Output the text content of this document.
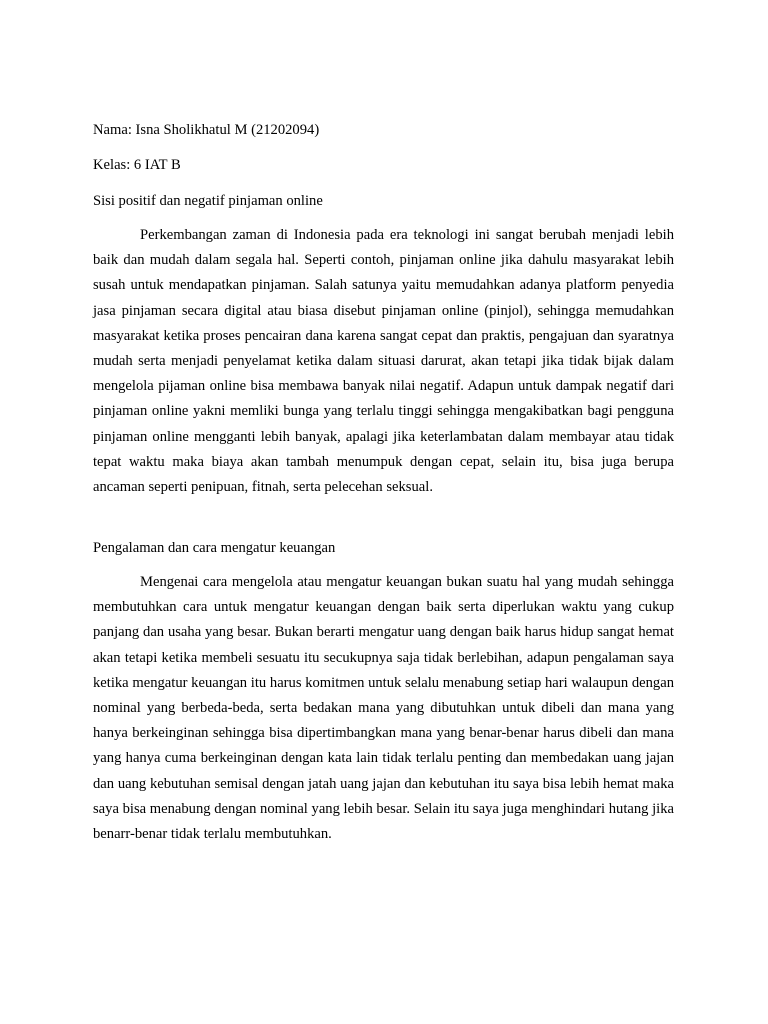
Nama: Isna Sholikhatul M (21202094)

Kelas: 6 IAT B

Sisi positif dan negatif pinjaman online

Perkembangan zaman di Indonesia pada era teknologi ini sangat berubah menjadi lebih baik dan mudah dalam segala hal. Seperti contoh, pinjaman online jika dahulu masyarakat lebih susah untuk mendapatkan pinjaman. Salah satunya yaitu memudahkan adanya platform penyedia jasa pinjaman secara digital atau biasa disebut pinjaman online (pinjol), sehingga memudahkan masyarakat ketika proses pencairan dana karena sangat cepat dan praktis, pengajuan dan syaratnya mudah serta menjadi penyelamat ketika dalam situasi darurat, akan tetapi jika tidak bijak dalam mengelola pijaman online bisa membawa banyak nilai negatif. Adapun untuk dampak negatif dari pinjaman online yakni memliki bunga yang terlalu tinggi sehingga mengakibatkan bagi pengguna pinjaman online mengganti lebih banyak, apalagi jika keterlambatan dalam membayar atau tidak tepat waktu maka biaya akan tambah menumpuk dengan cepat, selain itu, bisa juga berupa ancaman seperti penipuan, fitnah, serta pelecehan seksual.

Pengalaman dan cara mengatur keuangan

Mengenai cara mengelola atau mengatur keuangan bukan suatu hal yang mudah sehingga membutuhkan cara untuk mengatur keuangan dengan baik serta diperlukan waktu yang cukup panjang dan usaha yang besar. Bukan berarti mengatur uang dengan baik harus hidup sangat hemat akan tetapi ketika membeli sesuatu itu secukupnya saja tidak berlebihan, adapun pengalaman saya ketika mengatur keuangan itu harus komitmen untuk selalu menabung setiap hari walaupun dengan nominal yang berbeda-beda, serta bedakan mana yang dibutuhkan untuk dibeli dan mana yang hanya berkeinginan sehingga bisa dipertimbangkan mana yang benar-benar harus dibeli dan mana yang hanya cuma berkeinginan dengan kata lain tidak terlalu penting dan membedakan uang jajan dan uang kebutuhan semisal dengan jatah uang jajan dan kebutuhan itu saya bisa lebih hemat maka saya bisa menabung dengan nominal yang lebih besar. Selain itu saya juga menghindari hutang jika benarr-benar tidak terlalu membutuhkan.
